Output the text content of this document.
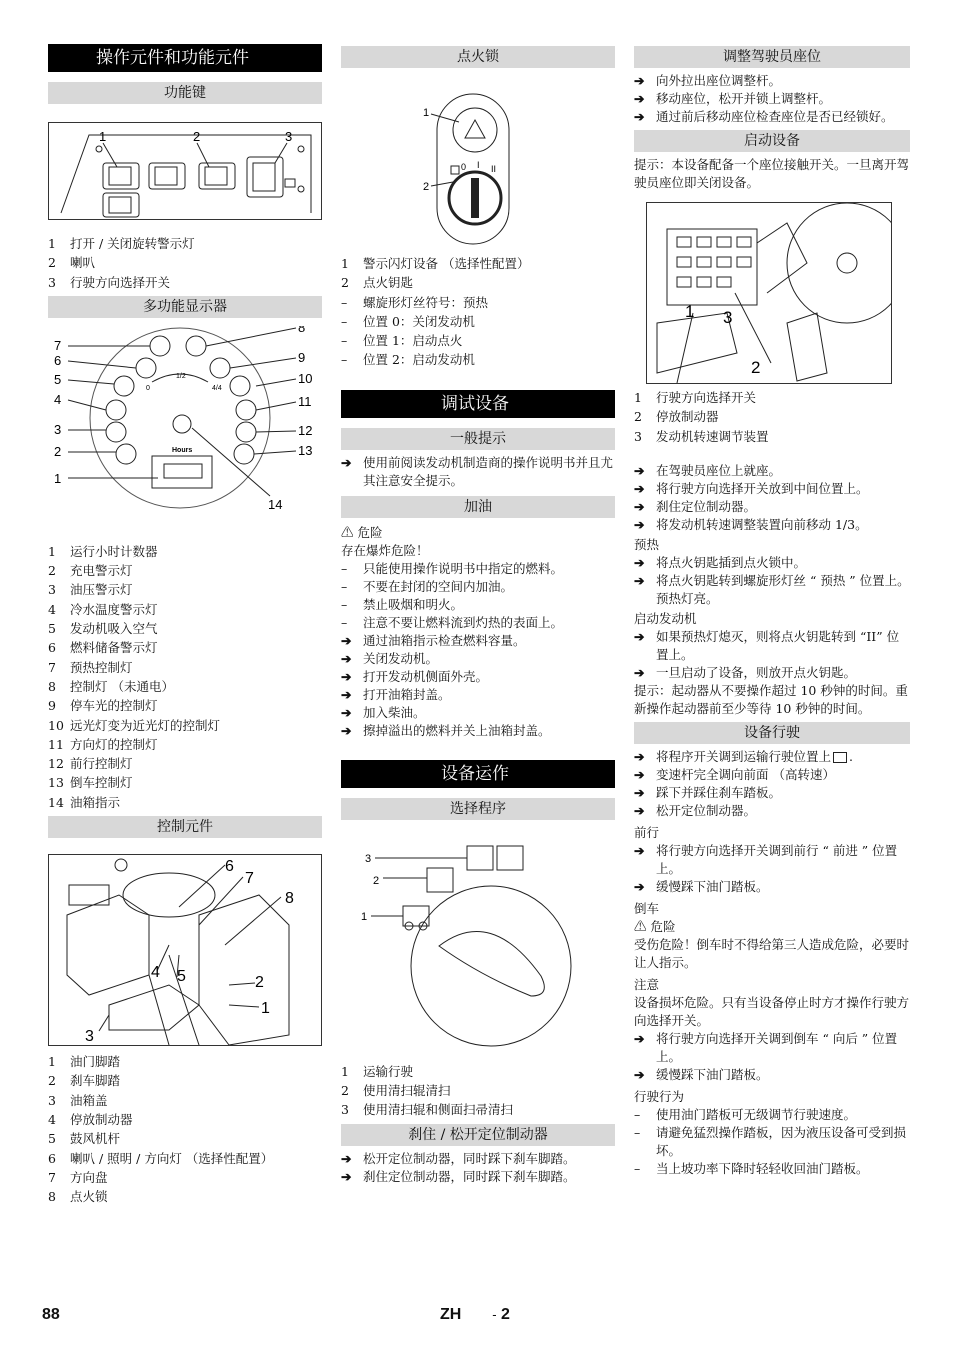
操作元件和功能元件
功能键
1	2	3
1	打开 / 关闭旋转警示灯
2	喇叭
3	行驶方向选择开关
多功能显示器
1/2
0	4/4
Hours
1
2
3
4
5
6
7
8
9
10
11
12
13
14
1	运行小时计数器
2	充电警示灯
3	油压警示灯
4	冷水温度警示灯
5	发动机吸入空气
6	燃料储备警示灯
7	预热控制灯
8	控制灯 （未通电）
9	停车光的控制灯
10 远光灯变为近光灯的控制灯
11 方向灯的控制灯
12 前行控制灯
13 倒车控制灯
14 油箱指示
控制元件
6
7
8
4 5	2
1
3
1	油门脚踏
2	刹车脚踏
3	油箱盖
4	停放制动器
5	鼓风机杆
6	喇叭 / 照明 / 方向灯 （选择性配置）
7	方向盘
8	点火锁
点火锁
0 I II
1
2
1	警示闪灯设备 （选择性配置）
2	点火钥匙
–	螺旋形灯丝符号：预热
–	位置 0：关闭发动机
–	位置 1：启动点火
–	位置 2：启动发动机
调试设备
一般提示
➔ 使用前阅读发动机制造商的操作说明书并且尤其注意安全提示。
加油
⚠ 危险
存在爆炸危险！
–	只能使用操作说明书中指定的燃料。
–	不要在封闭的空间内加油。
–	禁止吸烟和明火。
–	注意不要让燃料流到灼热的表面上。
➔ 通过油箱指示检查燃料容量。
➔ 关闭发动机。
➔ 打开发动机侧面外壳。
➔ 打开油箱封盖。
➔ 加入柴油。
➔ 擦掉溢出的燃料并关上油箱封盖。
设备运作
选择程序
3
2
1
1	运输行驶
2	使用清扫辊清扫
3	使用清扫辊和侧面扫帚清扫
刹住 / 松开定位制动器
➔ 松开定位制动器，同时踩下刹车脚踏。
➔ 刹住定位制动器，同时踩下刹车脚踏。
调整驾驶员座位
➔ 向外拉出座位调整杆。
➔ 移动座位，松开并锁上调整杆。
➔ 通过前后移动座位检查座位是否已经锁好。
启动设备
提示：本设备配备一个座位接触开关。一旦离开驾驶员座位即关闭设备。
1 3
2
1	行驶方向选择开关
2	停放制动器
3	发动机转速调节装置
➔ 在驾驶员座位上就座。
➔ 将行驶方向选择开关放到中间位置上。
➔ 刹住定位制动器。
➔ 将发动机转速调整装置向前移动 1/3。
预热
➔ 将点火钥匙插到点火锁中。
➔ 将点火钥匙转到螺旋形灯丝 “ 预热 ” 位置上。
预热灯亮。
启动发动机
➔ 如果预热灯熄灭，则将点火钥匙转到 “II” 位置上。
➔ 一旦启动了设备，则放开点火钥匙。
提示：起动器从不要操作超过 10 秒钟的时间。重新操作起动器前至少等待 10 秒钟的时间。
设备行驶
➔ 将程序开关调到运输行驶位置上 .
➔ 变速杆完全调向前面 （高转速）
➔ 踩下并踩住刹车踏板。
➔ 松开定位制动器。
前行
➔ 将行驶方向选择开关调到前行 “ 前进 ” 位置上。
➔ 缓慢踩下油门踏板。
倒车
⚠ 危险
受伤危险！倒车时不得给第三人造成危险，必要时让人指示。
注意
设备损坏危险。只有当设备停止时方才操作行驶方向选择开关。
➔ 将行驶方向选择开关调到倒车 “ 向后 ” 位置上。
➔ 缓慢踩下油门踏板。
行驶行为
–	使用油门踏板可无级调节行驶速度。
–	请避免猛烈操作踏板，因为液压设备可受到损坏。
–	当上坡功率下降时轻轻收回油门踏板。
88	ZH - 2
